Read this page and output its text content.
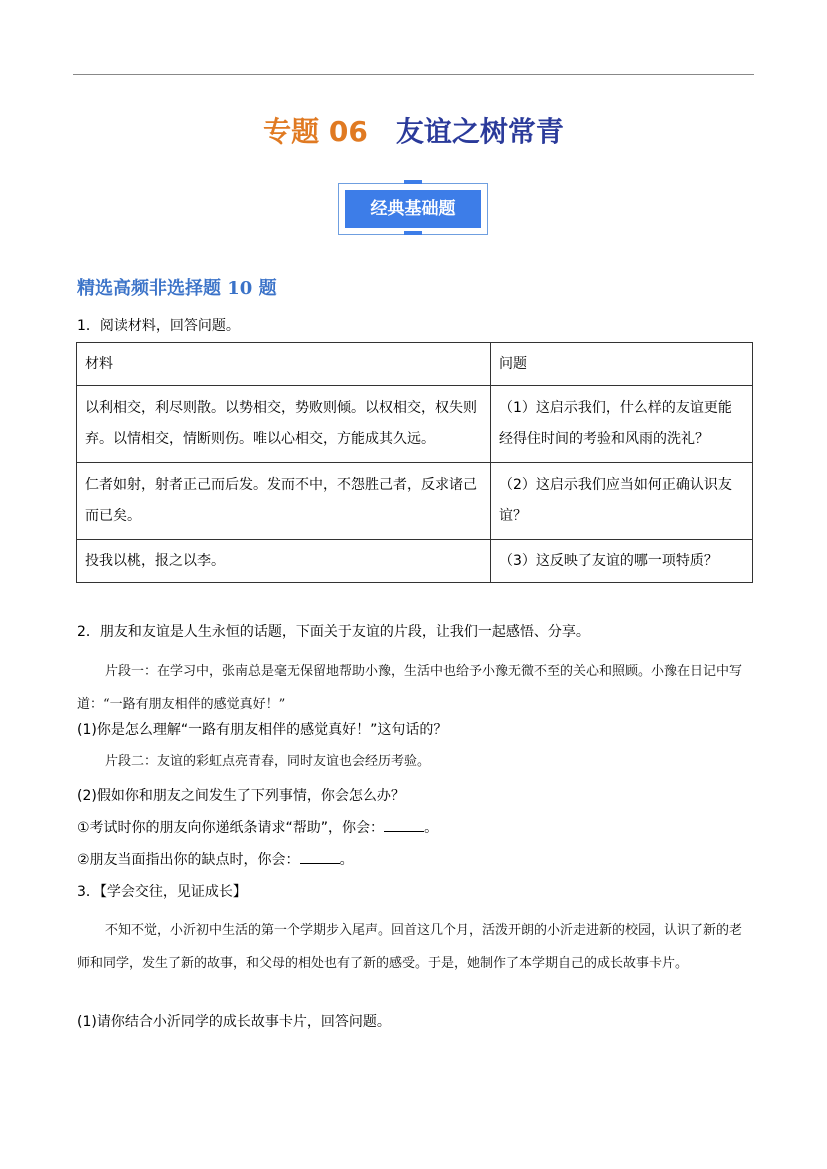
专题 06 友谊之树常青
经典基础题
精选高频非选择题 10 题
1．阅读材料，回答问题。
材料	问题
以利相交，利尽则散。以势相交，势败则倾。以权相交，权失则弃。以情相交，情断则伤。唯以心相交，方能成其久远。	（1）这启示我们，什么样的友谊更能经得住时间的考验和风雨的洗礼？
仁者如射，射者正己而后发。发而不中，不怨胜己者，反求诸己而已矣。	（2）这启示我们应当如何正确认识友谊？
投我以桃，报之以李。	（3）这反映了友谊的哪一项特质？
2．朋友和友谊是人生永恒的话题，下面关于友谊的片段，让我们一起感悟、分享。
片段一：在学习中，张南总是毫无保留地帮助小豫，生活中也给予小豫无微不至的关心和照顾。小豫在日记中写道：“一路有朋友相伴的感觉真好！”
(1)你是怎么理解“一路有朋友相伴的感觉真好！”这句话的？
片段二：友谊的彩虹点亮青春，同时友谊也会经历考验。
(2)假如你和朋友之间发生了下列事情，你会怎么办？
①考试时你的朋友向你递纸条请求“帮助”，你会：	。
②朋友当面指出你的缺点时，你会：	。
3．【学会交往，见证成长】
不知不觉，小沂初中生活的第一个学期步入尾声。回首这几个月，活泼开朗的小沂走进新的校园，认识了新的老师和同学，发生了新的故事，和父母的相处也有了新的感受。于是，她制作了本学期自己的成长故事卡片。
(1)请你结合小沂同学的成长故事卡片，回答问题。
